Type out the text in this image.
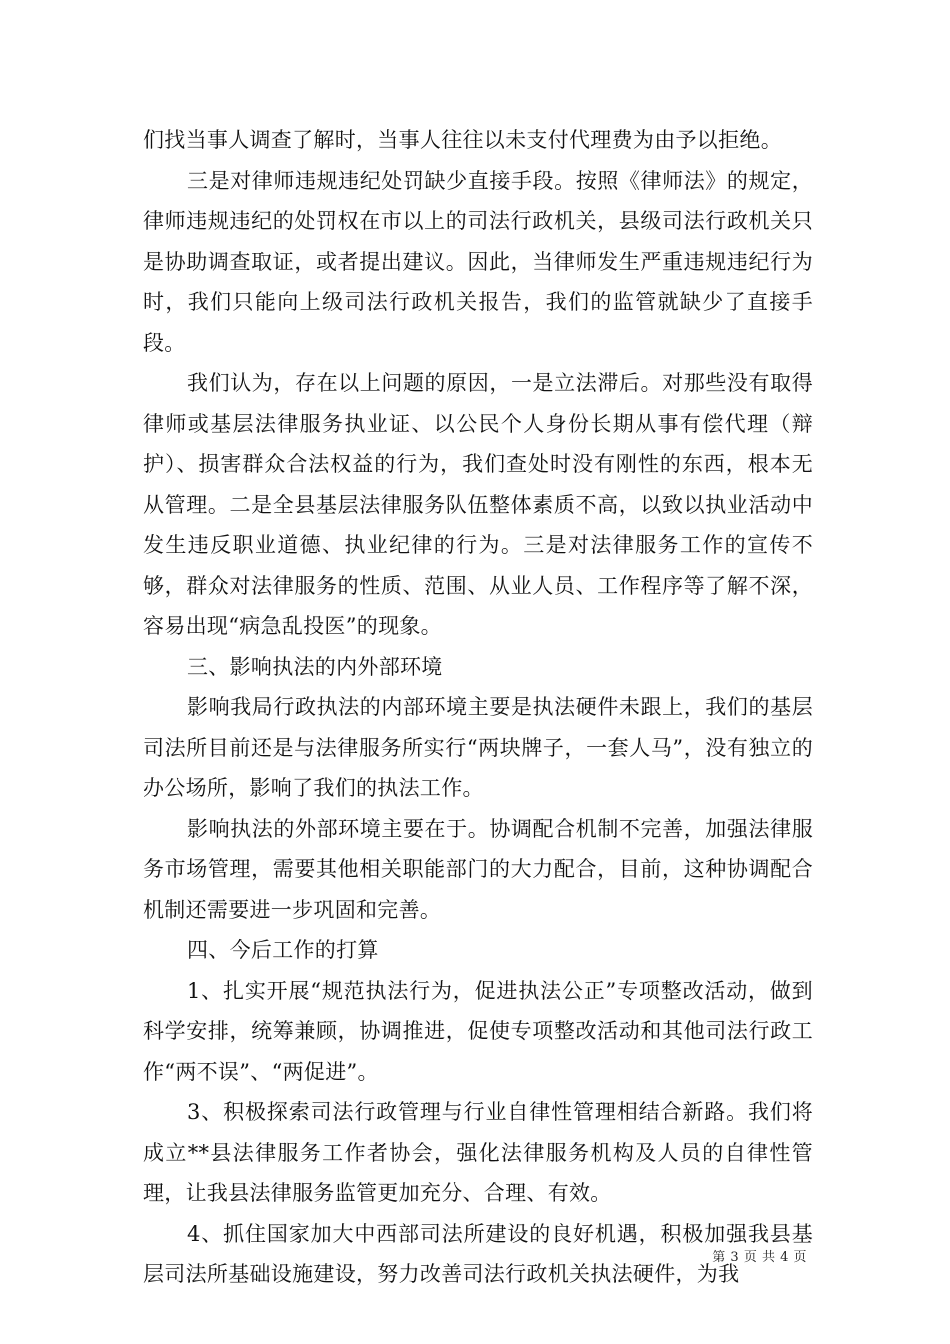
们找当事人调查了解时，当事人往往以未支付代理费为由予以拒绝。

三是对律师违规违纪处罚缺少直接手段。按照《律师法》的规定，律师违规违纪的处罚权在市以上的司法行政机关，县级司法行政机关只是协助调查取证，或者提出建议。因此，当律师发生严重违规违纪行为时，我们只能向上级司法行政机关报告，我们的监管就缺少了直接手段。

我们认为，存在以上问题的原因，一是立法滞后。对那些没有取得律师或基层法律服务执业证、以公民个人身份长期从事有偿代理（辩护）、损害群众合法权益的行为，我们查处时没有刚性的东西，根本无从管理。二是全县基层法律服务队伍整体素质不高，以致以执业活动中发生违反职业道德、执业纪律的行为。三是对法律服务工作的宣传不够，群众对法律服务的性质、范围、从业人员、工作程序等了解不深，容易出现“病急乱投医”的现象。

三、影响执法的内外部环境

影响我局行政执法的内部环境主要是执法硬件未跟上，我们的基层司法所目前还是与法律服务所实行“两块牌子，一套人马”，没有独立的办公场所，影响了我们的执法工作。

影响执法的外部环境主要在于。协调配合机制不完善，加强法律服务市场管理，需要其他相关职能部门的大力配合，目前，这种协调配合机制还需要进一步巩固和完善。

四、今后工作的打算

1、扎实开展“规范执法行为，促进执法公正”专项整改活动，做到科学安排，统筹兼顾，协调推进，促使专项整改活动和其他司法行政工作“两不误”、“两促进”。

3、积极探索司法行政管理与行业自律性管理相结合新路。我们将成立**县法律服务工作者协会，强化法律服务机构及人员的自律性管理，让我县法律服务监管更加充分、合理、有效。

4、抓住国家加大中西部司法所建设的良好机遇，积极加强我县基层司法所基础设施建设，努力改善司法行政机关执法硬件，为我

第 3 页 共 4 页
